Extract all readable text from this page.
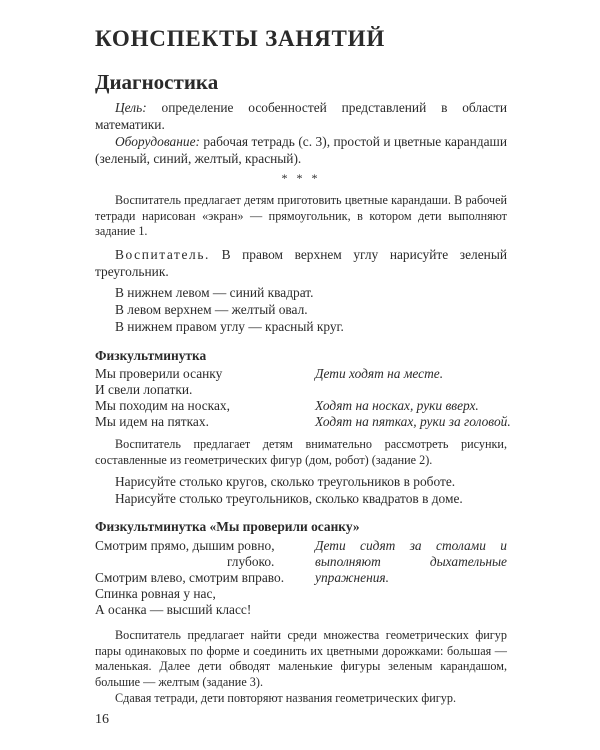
КОНСПЕКТЫ ЗАНЯТИЙ
Диагностика

Цель: определение особенностей представлений в области математики.

Оборудование: рабочая тетрадь (с. 3), простой и цветные карандаши (зеленый, синий, желтый, красный).

* * *

Воспитатель предлагает детям приготовить цветные карандаши. В рабочей тетради нарисован «экран» — прямоугольник, в котором дети выполняют задание 1.

Воспитатель. В правом верхнем углу нарисуйте зеленый треугольник.

В нижнем левом — синий квадрат.
В левом верхнем — желтый овал.
В нижнем правом углу — красный круг.
Физкультминутка
Мы проверили осанку
И свели лопатки.
Мы походим на носках,
Мы идем на пятках.
Дети ходят на месте.
Ходят на носках, руки вверх.
Ходят на пятках, руки за головой.

Воспитатель предлагает детям внимательно рассмотреть рисунки, составленные из геометрических фигур (дом, робот) (задание 2).

Нарисуйте столько кругов, сколько треугольников в роботе.
Нарисуйте столько треугольников, сколько квадратов в доме.
Физкультминутка «Мы проверили осанку»
Смотрим прямо, дышим ровно,
глубоко.
Смотрим влево, смотрим вправо.
Спинка ровная у нас,
А осанка — высший класс!

Дети сидят за столами и выполняют дыхательные упражнения.

Воспитатель предлагает найти среди множества геометрических фигур пары одинаковых по форме и соединить их цветными дорожками: большая — маленькая. Далее дети обводят маленькие фигуры зеленым карандашом, большие — желтым (задание 3).

Сдавая тетради, дети повторяют названия геометрических фигур.

16
